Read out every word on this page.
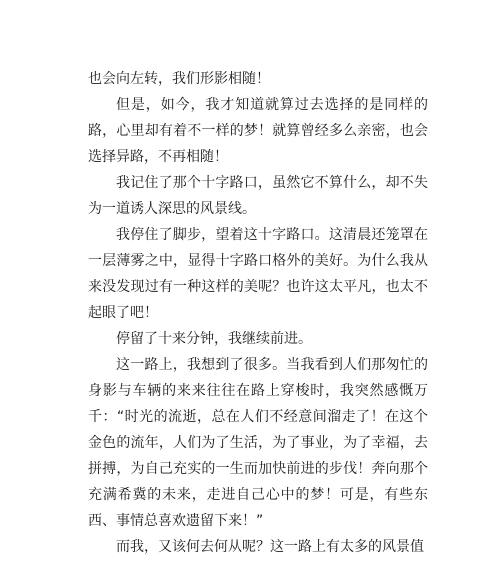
也会向左转，我们形影相随！

但是，如今，我才知道就算过去选择的是同样的路，心里却有着不一样的梦！就算曾经多么亲密，也会选择异路，不再相随！

我记住了那个十字路口，虽然它不算什么，却不失为一道诱人深思的风景线。

我停住了脚步，望着这十字路口。这清晨还笼罩在一层薄雾之中，显得十字路口格外的美好。为什么我从来没发现过有一种这样的美呢？也许这太平凡，也太不起眼了吧！

停留了十来分钟，我继续前进。

这一路上，我想到了很多。当我看到人们那匆忙的身影与车辆的来来往往在路上穿梭时，我突然感慨万千：“时光的流逝，总在人们不经意间溜走了！在这个金色的流年，人们为了生活，为了事业，为了幸福，去拼搏，为自己充实的一生而加快前进的步伐！奔向那个充满希冀的未来，走进自己心中的梦！可是，有些东西、事情总喜欢遗留下来！”

而我，又该何去何从呢？这一路上有太多的风景值
